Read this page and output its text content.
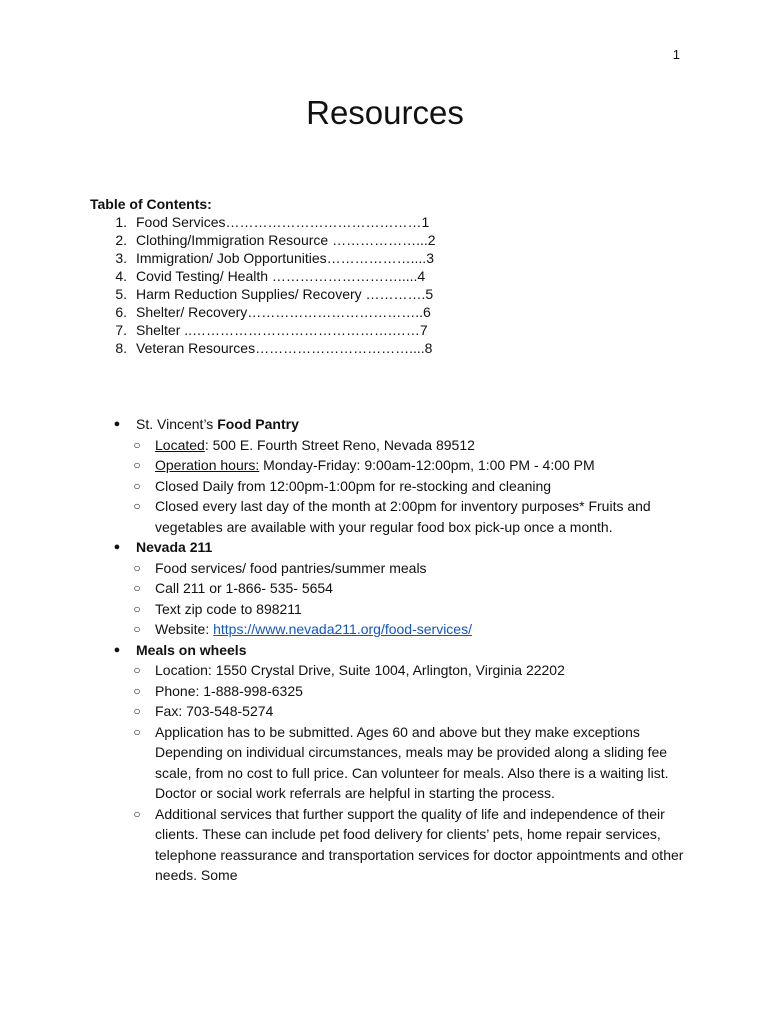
1
Resources
Table of Contents:
1. Food Services……………………………………1
2. Clothing/Immigration Resource ………………...2
3. Immigration/ Job Opportunities………………....3
4. Covid Testing/ Health ……………………….....4
5. Harm Reduction Supplies/ Recovery ………….5
6. Shelter/ Recovery………………………………..6
7. Shelter ..…………………………………….……7
8. Veteran Resources……………………………....8
● St. Vincent’s Food Pantry
○ Located: 500 E. Fourth Street Reno, Nevada 89512
○ Operation hours: Monday-Friday: 9:00am-12:00pm, 1:00 PM - 4:00 PM
○ Closed Daily from 12:00pm-1:00pm for re-stocking and cleaning
○ Closed every last day of the month at 2:00pm for inventory purposes* Fruits and vegetables are available with your regular food box pick-up once a month.
● Nevada 211
○ Food services/ food pantries/summer meals
○ Call 211 or 1-866- 535- 5654
○ Text zip code to 898211
○ Website: https://www.nevada211.org/food-services/
● Meals on wheels
○ Location: 1550 Crystal Drive, Suite 1004, Arlington, Virginia 22202
○ Phone: 1-888-998-6325
○ Fax: 703-548-5274
○ Application has to be submitted. Ages 60 and above but they make exceptions Depending on individual circumstances, meals may be provided along a sliding fee scale, from no cost to full price. Can volunteer for meals. Also there is a waiting list. Doctor or social work referrals are helpful in starting the process.
○ Additional services that further support the quality of life and independence of their clients. These can include pet food delivery for clients’ pets, home repair services, telephone reassurance and transportation services for doctor appointments and other needs. Some
